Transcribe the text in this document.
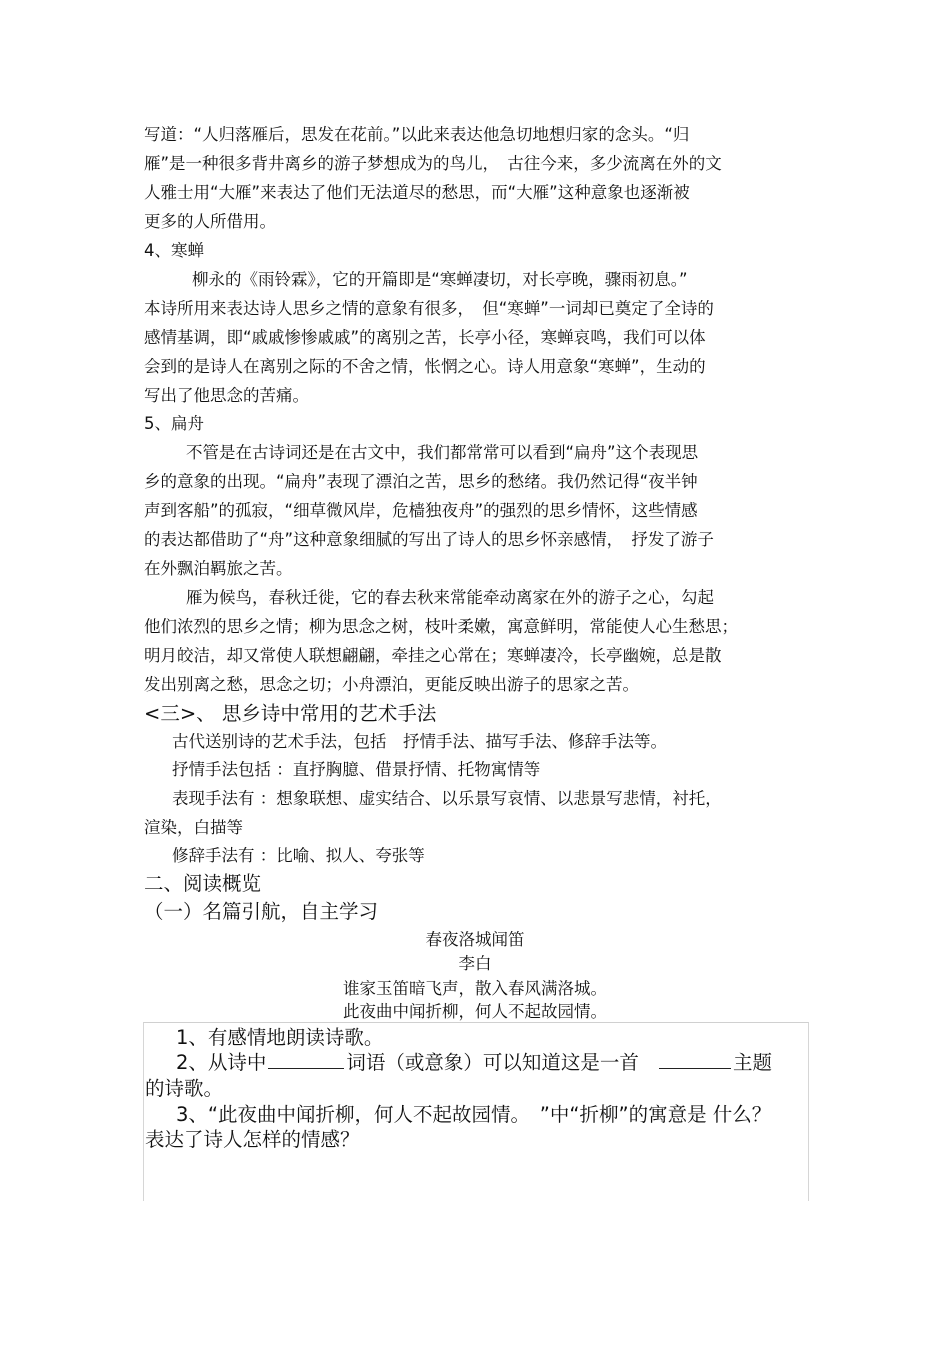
写道：“人归落雁后，思发在花前。”以此来表达他急切地想归家的念头。“归
雁”是一种很多背井离乡的游子梦想成为的鸟儿，　古往今来，多少流离在外的文
人雅士用“大雁”来表达了他们无法道尽的愁思，而“大雁”这种意象也逐渐被
更多的人所借用。
4、寒蝉
柳永的《雨铃霖》，它的开篇即是“寒蝉凄切，对长亭晚，骤雨初息。”
本诗所用来表达诗人思乡之情的意象有很多，　但“寒蝉”一词却已奠定了全诗的
感情基调，即“戚戚惨惨戚戚”的离别之苦，长亭小径，寒蝉哀鸣，我们可以体
会到的是诗人在离别之际的不舍之情，怅惘之心。诗人用意象“寒蝉”，生动的
写出了他思念的苦痛。
5、扁舟
不管是在古诗词还是在古文中，我们都常常可以看到“扁舟”这个表现思
乡的意象的出现。“扁舟”表现了漂泊之苦，思乡的愁绪。我仍然记得“夜半钟
声到客船”的孤寂，“细草微风岸，危樯独夜舟”的强烈的思乡情怀，这些情感
的表达都借助了“舟”这种意象细腻的写出了诗人的思乡怀亲感情，　抒发了游子
在外飘泊羁旅之苦。
雁为候鸟，春秋迁徙，它的春去秋来常能牵动离家在外的游子之心，勾起
他们浓烈的思乡之情；柳为思念之树，枝叶柔嫩，寓意鲜明，常能使人心生愁思；
明月皎洁，却又常使人联想翩翩，牵挂之心常在；寒蝉凄冷，长亭幽婉，总是散
发出别离之愁，思念之切；小舟漂泊，更能反映出游子的思家之苦。
<三>、 思乡诗中常用的艺术手法
古代送别诗的艺术手法，包括　抒情手法、描写手法、修辞手法等。
抒情手法包括 ：直抒胸臆、借景抒情、托物寓情等
表现手法有 ：想象联想、虚实结合、以乐景写哀情、以悲景写悲情，衬托，
渲染，白描等
修辞手法有 ：比喻、拟人、夸张等
二、阅读概览
（一）名篇引航，自主学习
春夜洛城闻笛
李白
谁家玉笛暗飞声，散入春风满洛城。
此夜曲中闻折柳，何人不起故园情。
1、有感情地朗读诗歌。
2、从诗中	词语（或意象）可以知道这是一首	主题
的诗歌。
3、“此夜曲中闻折柳，何人不起故园情。　”中“折柳”的寓意是 什么？
表达了诗人怎样的情感？
